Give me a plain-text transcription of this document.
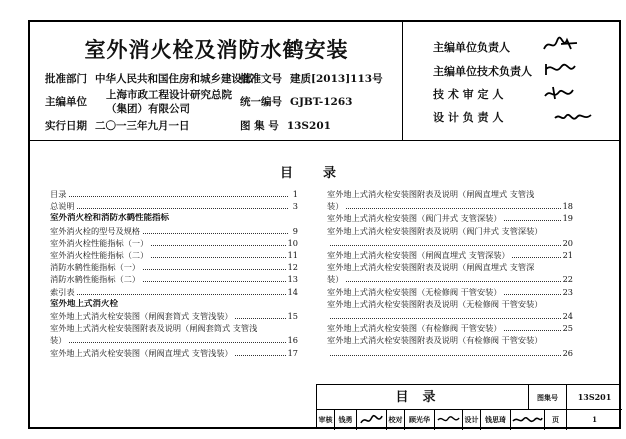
室外消火栓及消防水鹤安装
批准部门 中华人民共和国住房和城乡建设部
批准文号 建质[2013]113号
主编单位
上海市政工程设计研究总院
（集团）有限公司
统一编号 GJBT-1263
实行日期 二〇一三年九月一日	图 集 号 13S201
主编单位负责人
主编单位技术负责人
技 术 审 定 人
设 计 负 责 人
目录
目录	1
总说明	3
室外消火栓和消防水鹤性能指标
室外消火栓的型号及规格	9
室外消火栓性能指标（一）	10
室外消火栓性能指标（二）	11
消防水鹤性能指标（一）	12
消防水鹤性能指标（二）	13
索引表	14
室外地上式消火栓
室外地上式消火栓安装图（闸阀套筒式 支管浅装）	15
室外地上式消火栓安装图附表及说明（闸阀套筒式 支管浅
装）	16
室外地上式消火栓安装图（闸阀直埋式 支管浅装）	17
室外地上式消火栓安装图附表及说明（闸阀直埋式 支管浅
装）	18
室外地上式消火栓安装图（阀门井式 支管深装）	19
室外地上式消火栓安装图附表及说明（阀门井式 支管深装）
20
室外地上式消火栓安装图（闸阀直埋式 支管深装）	21
室外地上式消火栓安装图附表及说明（闸阀直埋式 支管深
装）	22
室外地上式消火栓安装图（无检修阀 干管安装）	23
室外地上式消火栓安装图附表及说明（无检修阀 干管安装）
24
室外地上式消火栓安装图（有检修阀 干管安装）	25
室外地上式消火栓安装图附表及说明（有检修阀 干管安装）
26
目录	图集号	13S201
审核 钱勇	校对 顾光华	设计 钱思琦	页	1
